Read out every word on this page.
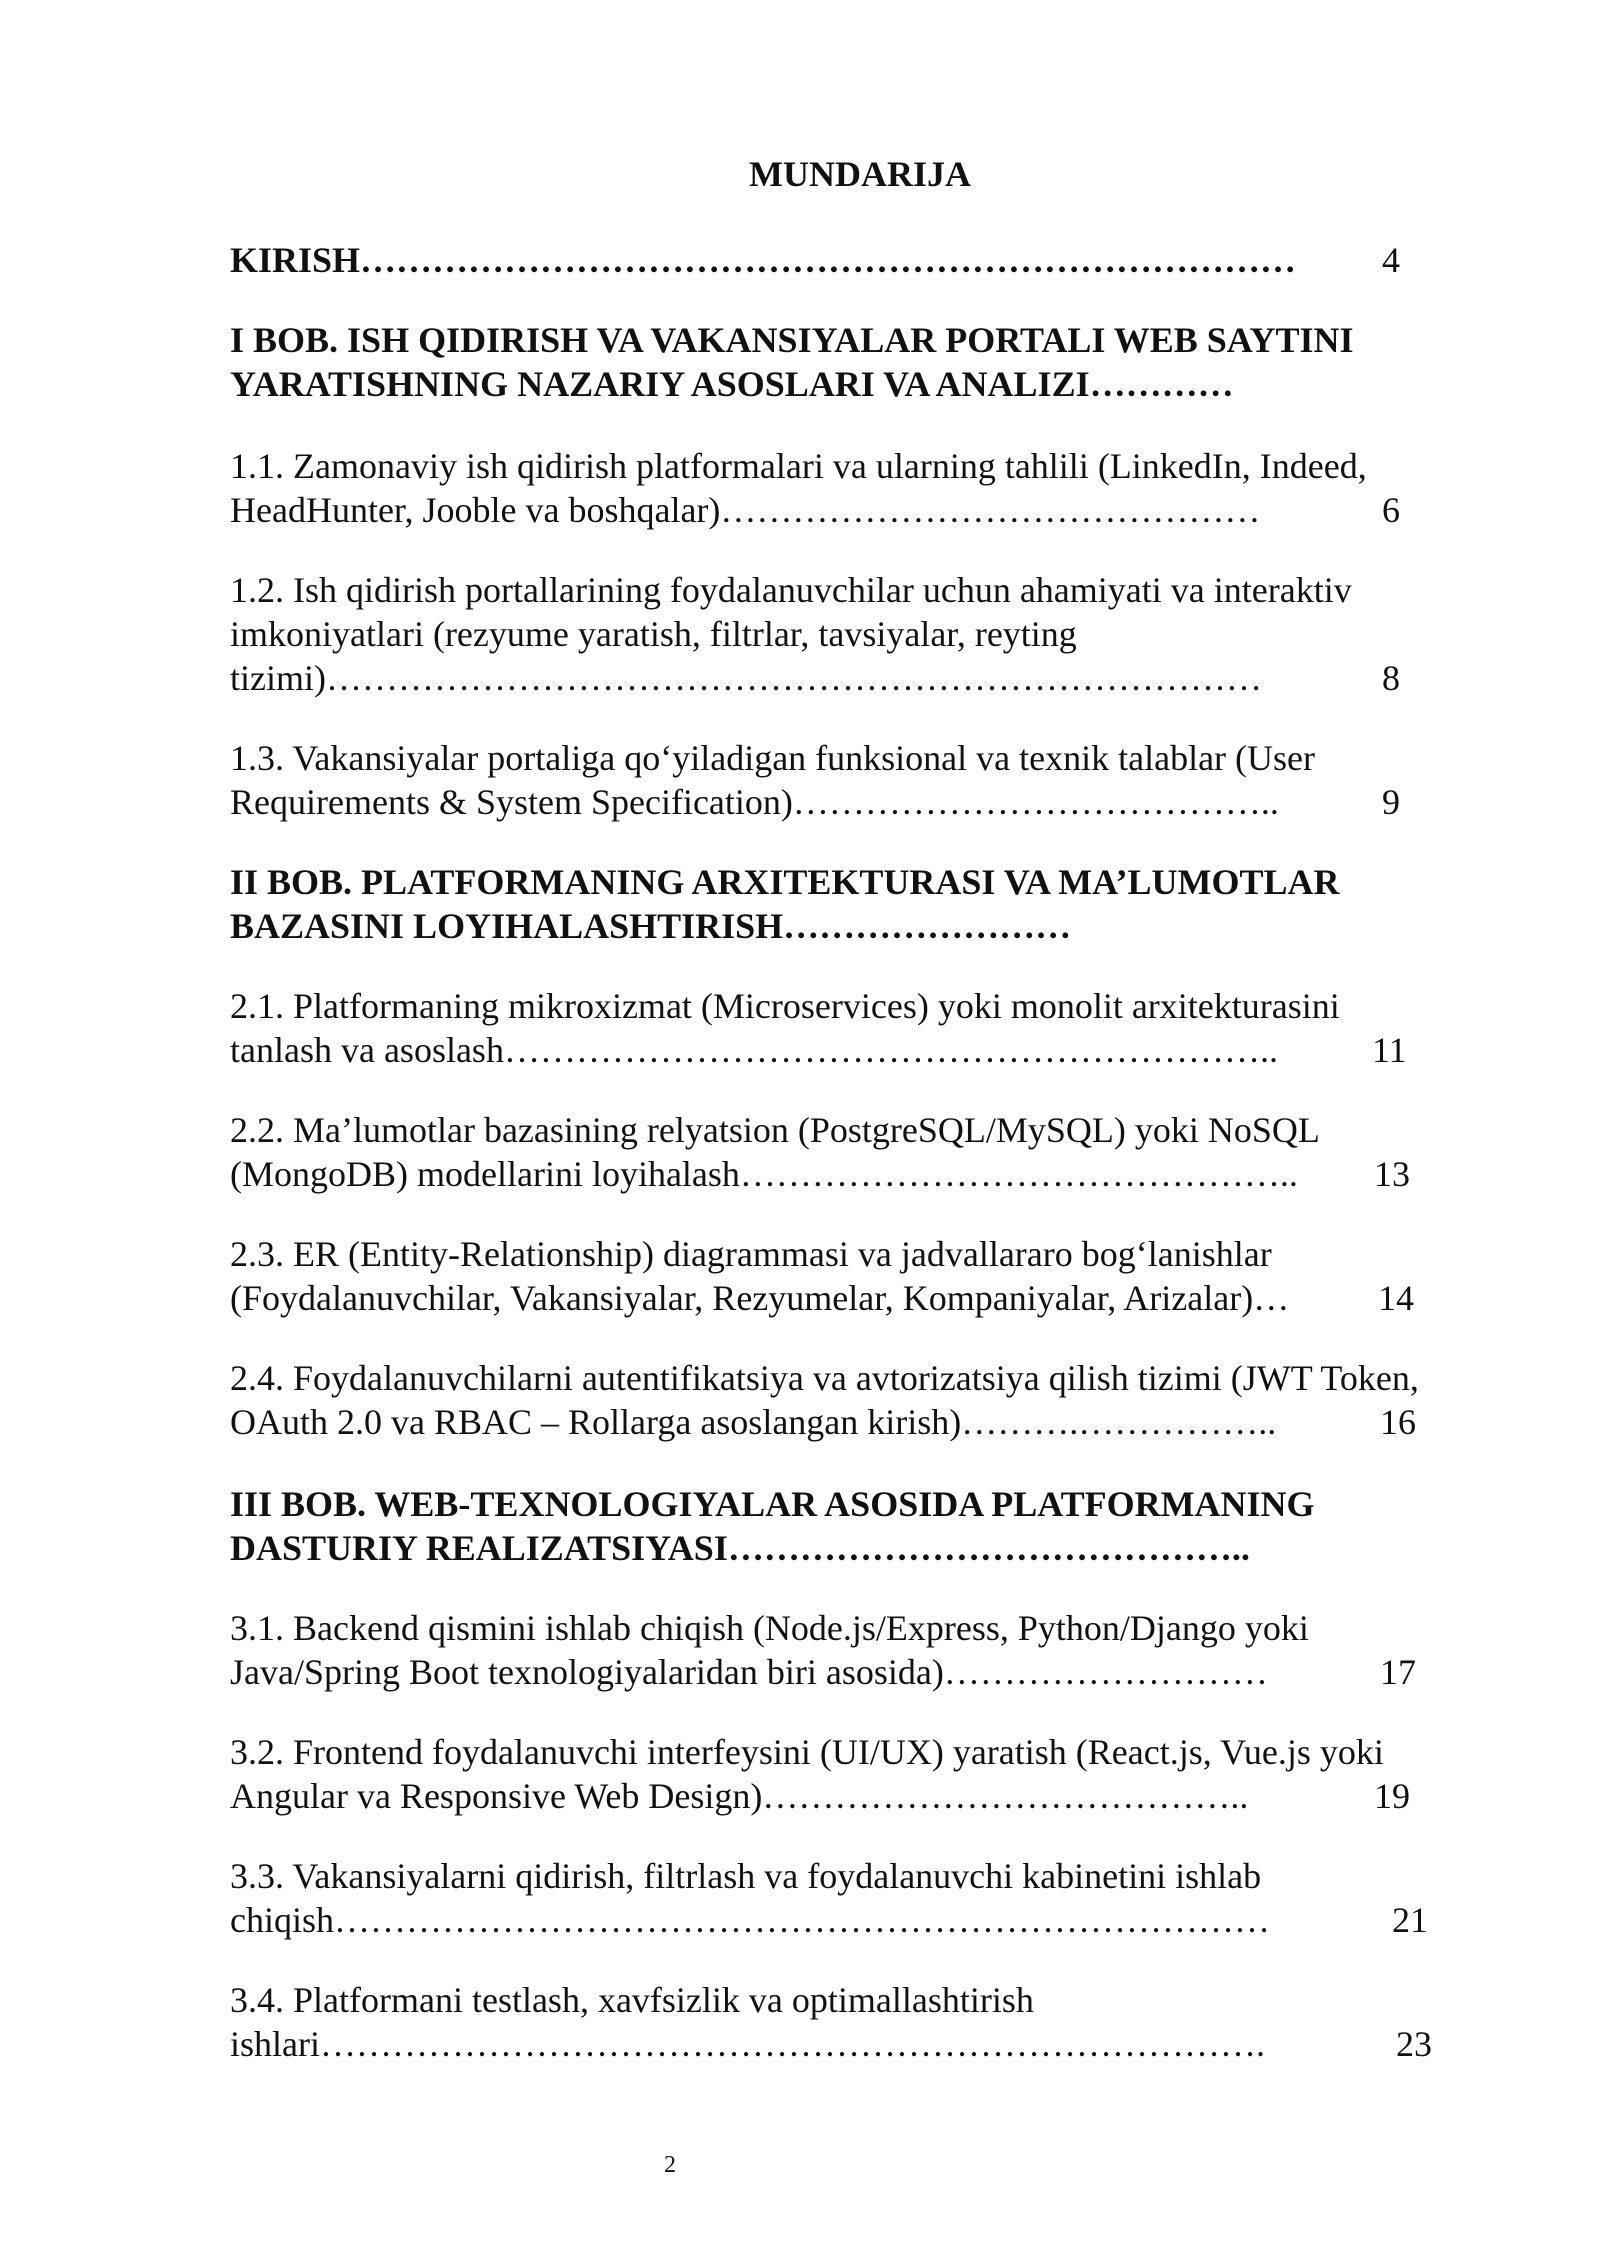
MUNDARIJA
KIRISH…………………………………………………………………… 4
I BOB. ISH QIDIRISH VA VAKANSIYALAR PORTALI WEB SAYTINI
YARATISHNING NAZARIY ASOSLARI VA ANALIZI…………
1.1. Zamonaviy ish qidirish platformalari va ularning tahlili (LinkedIn, Indeed,
HeadHunter, Jooble va boshqalar)………………………………………	6
1.2. Ish qidirish portallarining foydalanuvchilar uchun ahamiyati va interaktiv
imkoniyatlari (rezyume yaratish, filtrlar, tavsiyalar, reyting
tizimi)……………………………………………………………………	8
1.3. Vakansiyalar portaliga qo‘yiladigan funksional va texnik talablar (User
Requirements & System Specification)…………………………………..	9
II BOB. PLATFORMANING ARXITEKTURASI VA MA’LUMOTLAR
BAZASINI LOYIHALASHTIRISH……………………
2.1. Platformaning mikroxizmat (Microservices) yoki monolit arxitekturasini
tanlash va asoslash………………………………………………………..	11
2.2. Ma’lumotlar bazasining relyatsion (PostgreSQL/MySQL) yoki NoSQL
(MongoDB) modellarini loyihalash………………………………………..	13
2.3. ER (Entity-Relationship) diagrammasi va jadvallararo bog‘lanishlar
(Foydalanuvchilar, Vakansiyalar, Rezyumelar, Kompaniyalar, Arizalar)… 14
2.4. Foydalanuvchilarni autentifikatsiya va avtorizatsiya qilish tizimi (JWT Token,
OAuth 2.0 va RBAC – Rollarga asoslangan kirish)……….……………..	16
III BOB. WEB-TEXNOLOGIYALAR ASOSIDA PLATFORMANING
DASTURIY REALIZATSIYASI……………………………………..
3.1. Backend qismini ishlab chiqish (Node.js/Express, Python/Django yoki
Java/Spring Boot texnologiyalaridan biri asosida)………………………	17
3.2. Frontend foydalanuvchi interfeysini (UI/UX) yaratish (React.js, Vue.js yoki
Angular va Responsive Web Design)…………………………………..	19
3.3. Vakansiyalarni qidirish, filtrlash va foydalanuvchi kabinetini ishlab
chiqish……………………………………………………………………	21
3.4. Platformani testlash, xavfsizlik va optimallashtirish
ishlari…………………………………………………………………….	23
2
